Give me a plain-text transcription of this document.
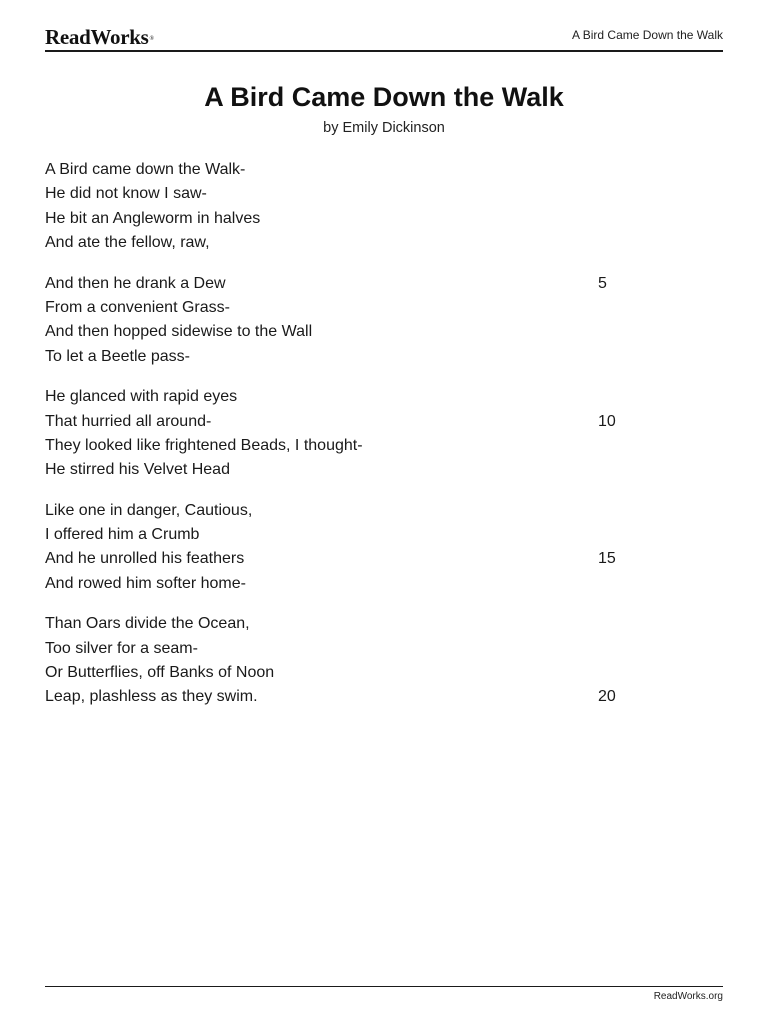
ReadWorks®	A Bird Came Down the Walk
A Bird Came Down the Walk
by Emily Dickinson
A Bird came down the Walk-
He did not know I saw-
He bit an Angleworm in halves
And ate the fellow, raw,
And then he drank a Dew	5
From a convenient Grass-
And then hopped sidewise to the Wall
To let a Beetle pass-
He glanced with rapid eyes
That hurried all around-	10
They looked like frightened Beads, I thought-
He stirred his Velvet Head
Like one in danger, Cautious,
I offered him a Crumb
And he unrolled his feathers	15
And rowed him softer home-
Than Oars divide the Ocean,
Too silver for a seam-
Or Butterflies, off Banks of Noon
Leap, plashless as they swim.	20
ReadWorks.org
